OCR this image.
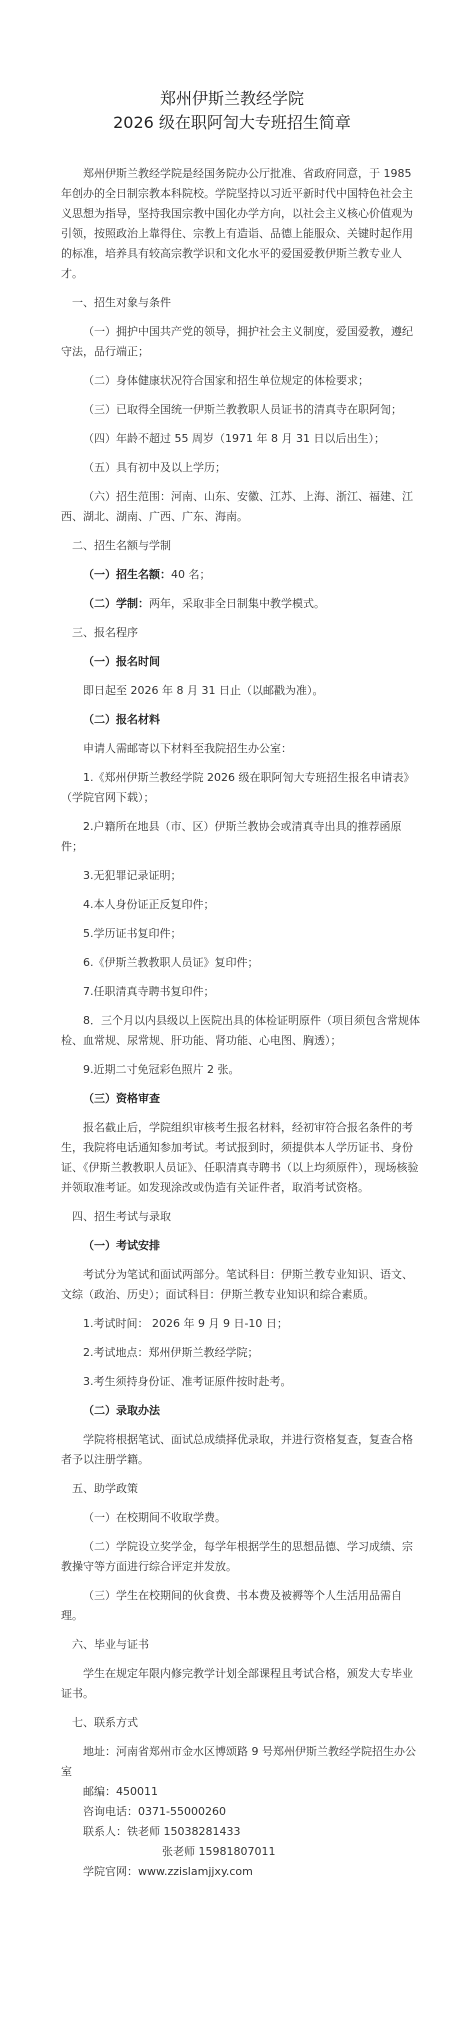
郑州伊斯兰教经学院
2026 级在职阿訇大专班招生简章

郑州伊斯兰教经学院是经国务院办公厅批准、省政府同意，于 1985 年创办的全日制宗教本科院校。学院坚持以习近平新时代中国特色社会主义思想为指导，坚持我国宗教中国化办学方向，以社会主义核心价值观为引领，按照政治上靠得住、宗教上有造诣、品德上能服众、关键时起作用的标准，培养具有较高宗教学识和文化水平的爱国爱教伊斯兰教专业人才。

一、招生对象与条件

（一）拥护中国共产党的领导，拥护社会主义制度，爱国爱教，遵纪守法，品行端正；

（二）身体健康状况符合国家和招生单位规定的体检要求；

（三）已取得全国统一伊斯兰教教职人员证书的清真寺在职阿訇；

（四）年龄不超过 55 周岁（1971 年 8 月 31 日以后出生）；

（五）具有初中及以上学历；

（六）招生范围：河南、山东、安徽、江苏、上海、浙江、福建、江西、湖北、湖南、广西、广东、海南。

二、招生名额与学制

（一）招生名额：40 名；

（二）学制：两年，采取非全日制集中教学模式。

三、报名程序

（一）报名时间

即日起至 2026 年 8 月 31 日止（以邮戳为准）。

（二）报名材料

申请人需邮寄以下材料至我院招生办公室：

1.《郑州伊斯兰教经学院 2026 级在职阿訇大专班招生报名申请表》（学院官网下载）；

2.户籍所在地县（市、区）伊斯兰教协会或清真寺出具的推荐函原件；

3.无犯罪记录证明；

4.本人身份证正反复印件；

5.学历证书复印件；

6.《伊斯兰教教职人员证》复印件；

7.任职清真寺聘书复印件；

8．三个月以内县级以上医院出具的体检证明原件（项目须包含常规体检、血常规、尿常规、肝功能、肾功能、心电图、胸透）；

9.近期二寸免冠彩色照片 2 张。

（三）资格审查

报名截止后，学院组织审核考生报名材料，经初审符合报名条件的考生，我院将电话通知参加考试。考试报到时，须提供本人学历证书、身份证、《伊斯兰教教职人员证》、任职清真寺聘书（以上均须原件），现场核验并领取准考证。如发现涂改或伪造有关证件者，取消考试资格。

四、招生考试与录取

（一）考试安排

考试分为笔试和面试两部分。笔试科目：伊斯兰教专业知识、语文、文综（政治、历史）；面试科目：伊斯兰教专业知识和综合素质。

1.考试时间： 2026 年 9 月 9 日-10 日；

2.考试地点：郑州伊斯兰教经学院；

3.考生须持身份证、准考证原件按时赴考。

（二）录取办法

学院将根据笔试、面试总成绩择优录取，并进行资格复查，复查合格者予以注册学籍。

五、助学政策

（一）在校期间不收取学费。

（二）学院设立奖学金，每学年根据学生的思想品德、学习成绩、宗教操守等方面进行综合评定并发放。

（三）学生在校期间的伙食费、书本费及被褥等个人生活用品需自理。

六、毕业与证书

学生在规定年限内修完教学计划全部课程且考试合格，颁发大专毕业证书。

七、联系方式

地址：河南省郑州市金水区博颂路 9 号郑州伊斯兰教经学院招生办公室

邮编：450011

咨询电话：0371-55000260

联系人：铁老师 15038281433

张老师 15981807011

学院官网：www.zzislamjjxy.com
